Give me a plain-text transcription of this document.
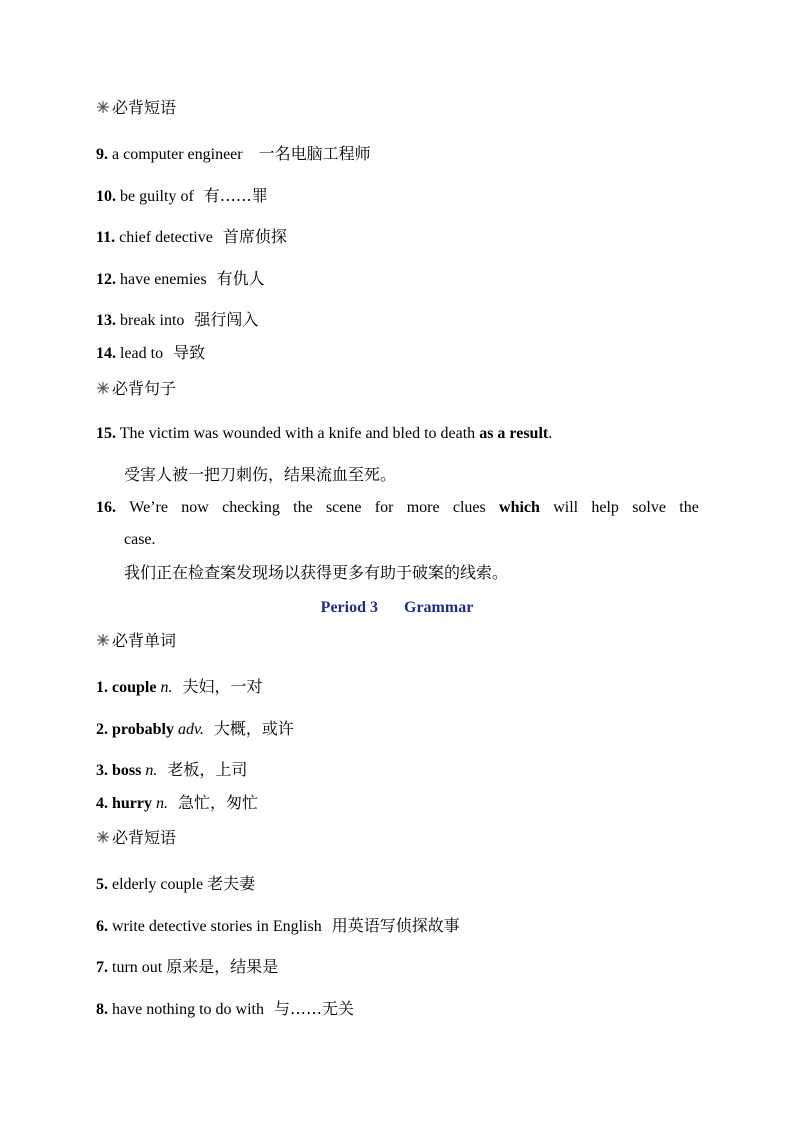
必背短语
9. a computer engineer 一名电脑工程师
10. be guilty of 有……罪
11. chief detective 首席侦探
12. have enemies 有仇人
13. break into 强行闯入
14. lead to 导致
必背句子
15. The victim was wounded with a knife and bled to death as a result.
受害人被一把刀刺伤，结果流血至死。
16. We’re now checking the scene for more clues which will help solve the
case.
我们正在检查案发现场以获得更多有助于破案的线索。
Period 3 Grammar
必背单词
1. couple n. 夫妇，一对
2. probably adv. 大概，或许
3. boss n. 老板，上司
4. hurry n. 急忙，匆忙
必背短语
5. elderly couple 老夫妻
6. write detective stories in English 用英语写侦探故事
7. turn out 原来是，结果是
8. have nothing to do with 与……无关
